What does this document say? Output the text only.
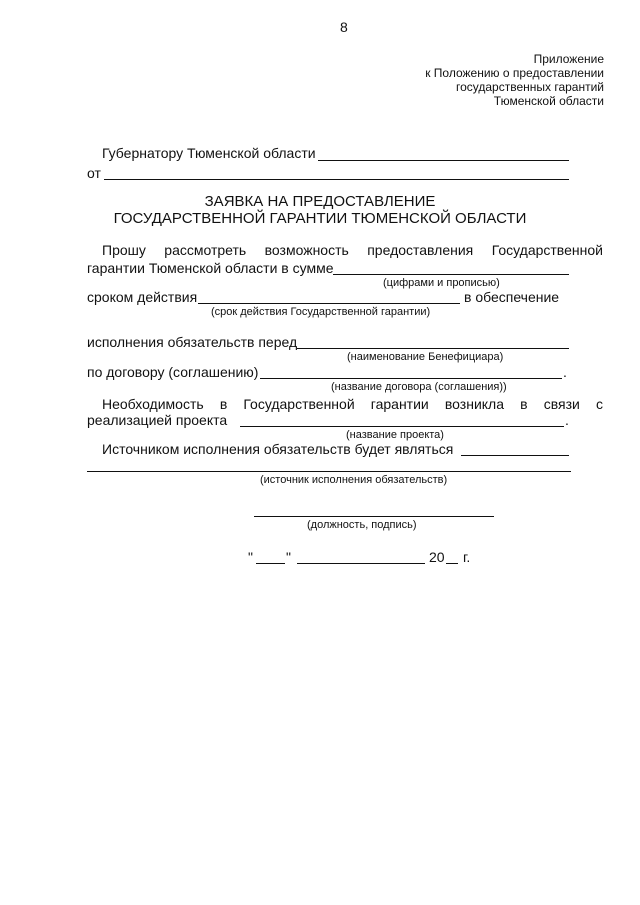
8
Приложение
к Положению о предоставлении
государственных гарантий
Тюменской области
Губернатору Тюменской области
от
ЗАЯВКА НА ПРЕДОСТАВЛЕНИЕ
ГОСУДАРСТВЕННОЙ ГАРАНТИИ ТЮМЕНСКОЙ ОБЛАСТИ
Прошу рассмотреть возможность предоставления Государственной
гарантии Тюменской области в сумме
(цифрами и прописью)
сроком действия	в обеспечение
(срок действия Государственной гарантии)
исполнения обязательств перед
(наименование Бенефициара)
по договору (соглашению)	.
(название договора (соглашения))
Необходимость в Государственной гарантии возникла в связи с
реализацией проекта	.
(название проекта)
Источником исполнения обязательств будет являться
(источник исполнения обязательств)
(должность, подпись)
" "	20 г.
